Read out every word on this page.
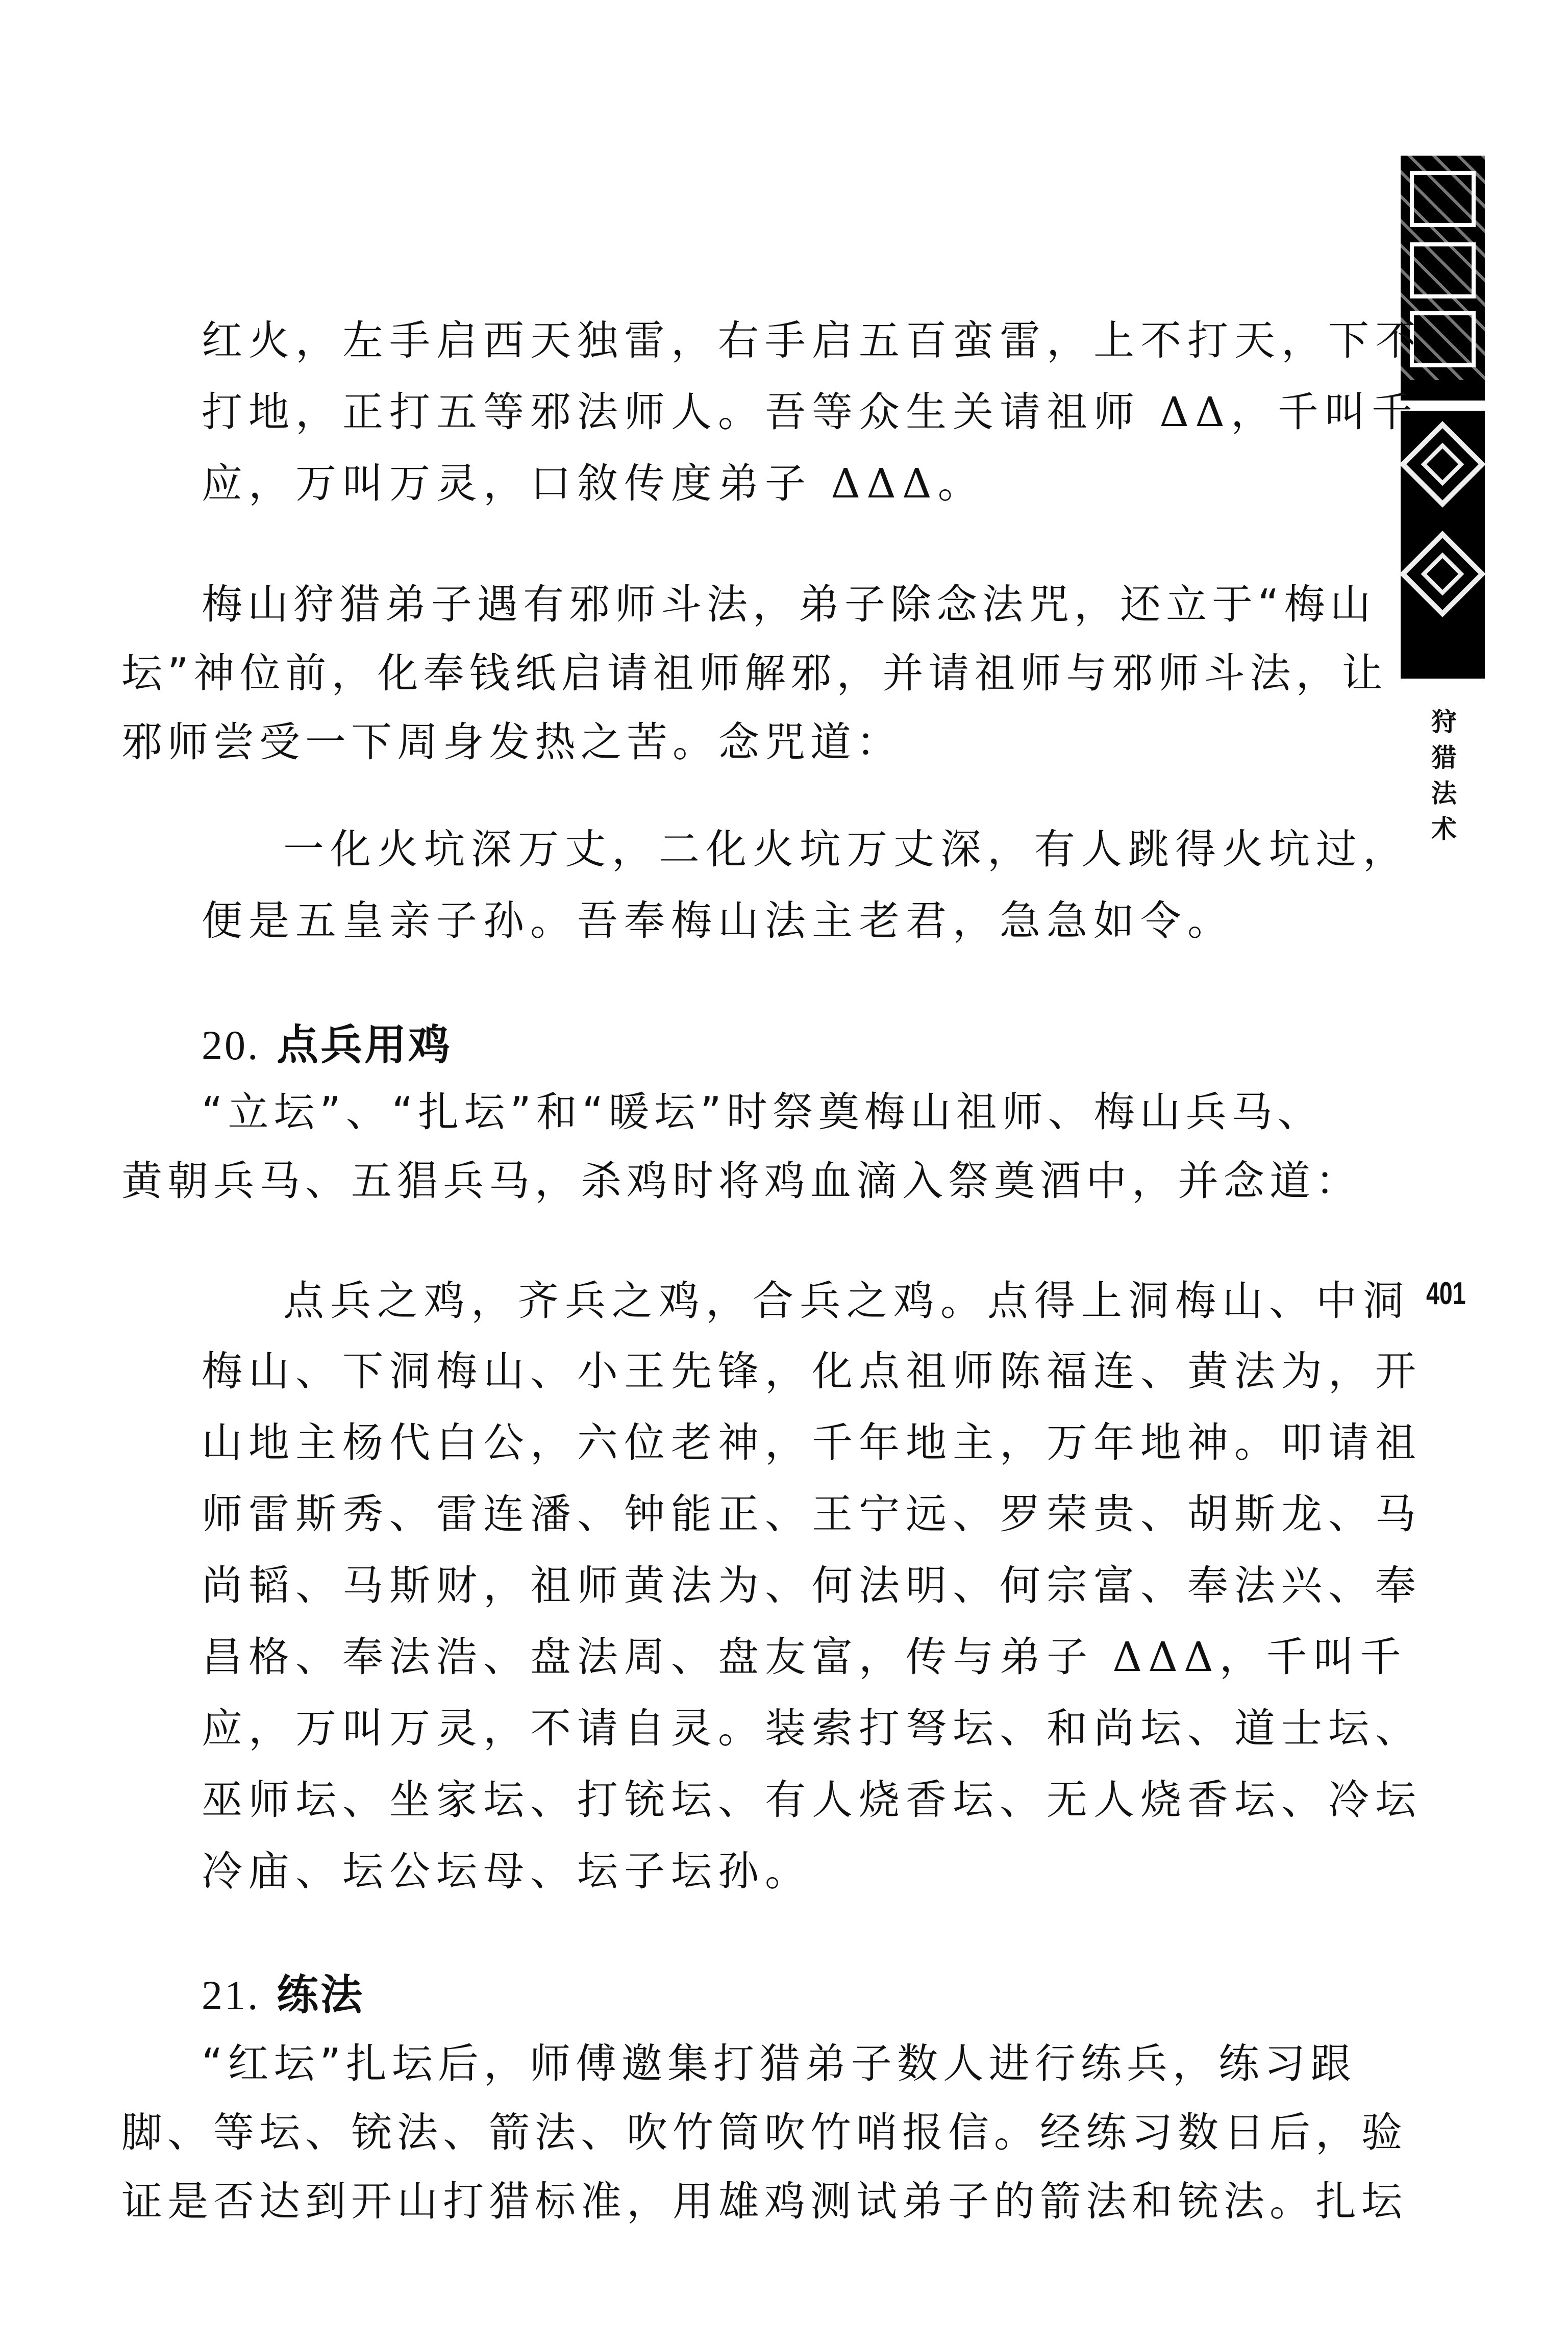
狩猎法术
401
红火，左手启西天独雷，右手启五百蛮雷，上不打天，下不
打地，正打五等邪法师人。吾等众生关请祖师 ΔΔ，千叫千
应，万叫万灵，口敘传度弟子 ΔΔΔ。
梅山狩猎弟子遇有邪师斗法，弟子除念法咒，还立于“梅山
坛”神位前，化奉钱纸启请祖师解邪，并请祖师与邪师斗法，让
邪师尝受一下周身发热之苦。念咒道：
一化火坑深万丈，二化火坑万丈深，有人跳得火坑过，
便是五皇亲子孙。吾奉梅山法主老君，急急如令。
20. 点兵用鸡
“立坛”、“扎坛”和“暖坛”时祭奠梅山祖师、梅山兵马、
黄朝兵马、五猖兵马，杀鸡时将鸡血滴入祭奠酒中，并念道：
点兵之鸡，齐兵之鸡，合兵之鸡。点得上洞梅山、中洞
梅山、下洞梅山、小王先锋，化点祖师陈福连、黄法为，开
山地主杨代白公，六位老神，千年地主，万年地神。叩请祖
师雷斯秀、雷连潘、钟能正、王宁远、罗荣贵、胡斯龙、马
尚韬、马斯财，祖师黄法为、何法明、何宗富、奉法兴、奉
昌格、奉法浩、盘法周、盘友富，传与弟子 ΔΔΔ，千叫千
应，万叫万灵，不请自灵。装索打弩坛、和尚坛、道士坛、
巫师坛、坐家坛、打铳坛、有人烧香坛、无人烧香坛、冷坛
冷庙、坛公坛母、坛子坛孙。
21. 练法
“红坛”扎坛后，师傅邀集打猎弟子数人进行练兵，练习跟
脚、等坛、铳法、箭法、吹竹筒吹竹哨报信。经练习数日后，验
证是否达到开山打猎标准，用雄鸡测试弟子的箭法和铳法。扎坛
